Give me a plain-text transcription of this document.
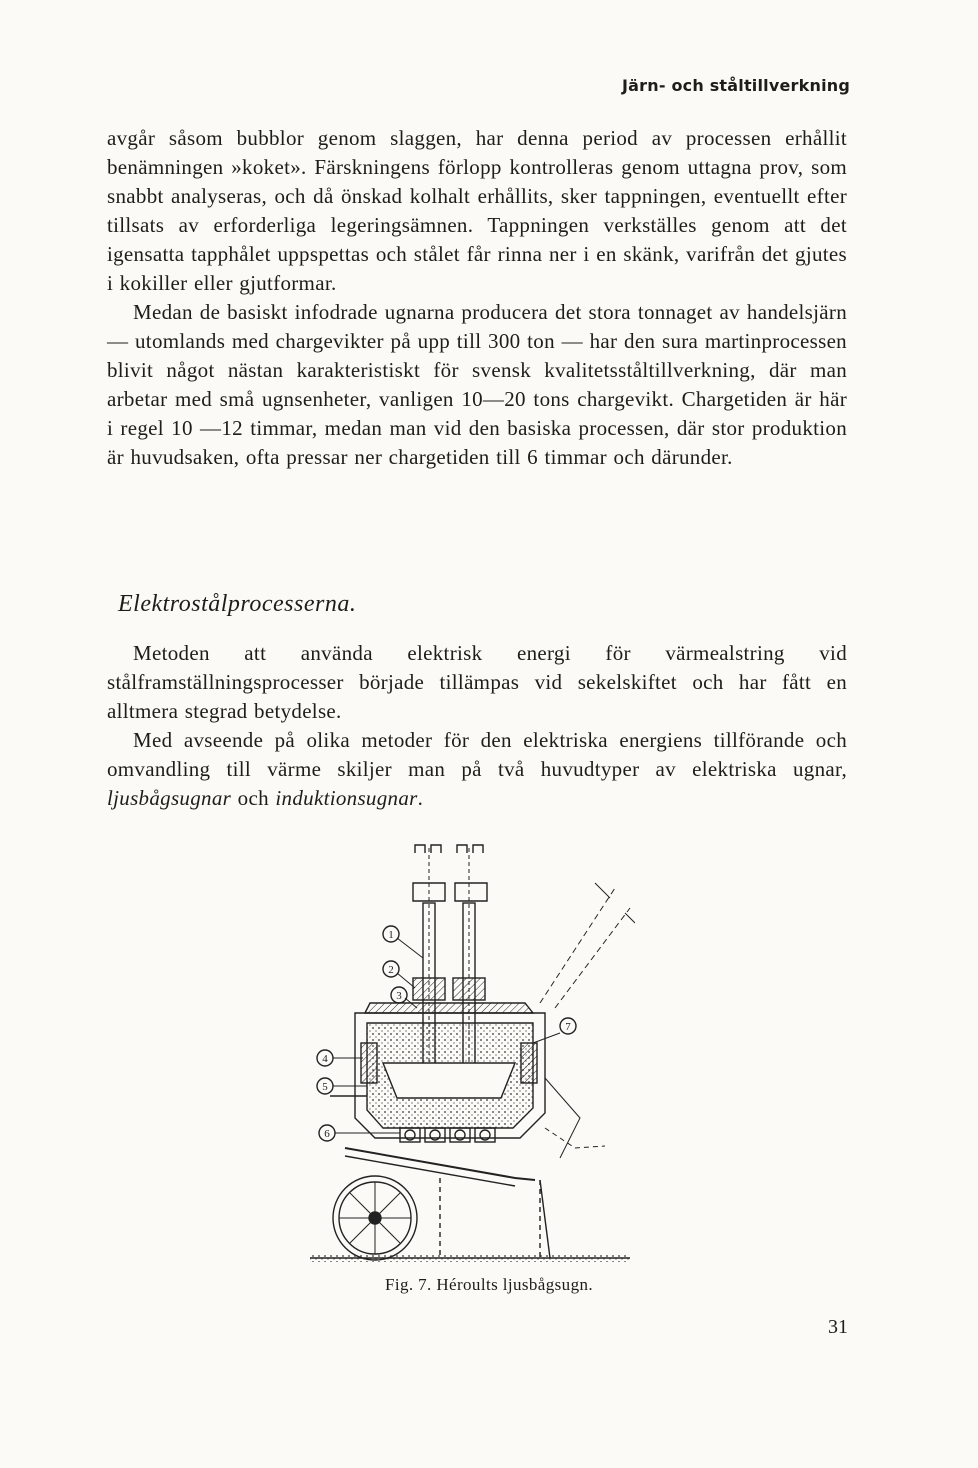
Järn- och ståltillverkning

avgår såsom bubblor genom slaggen, har denna period av processen erhållit benämningen »koket». Färskningens förlopp kontrolleras genom uttagna prov, som snabbt analyseras, och då önskad kolhalt erhållits, sker tappningen, eventuellt efter tillsats av erforderliga legeringsämnen. Tappningen verkställes genom att det igensatta tapphålet uppspettas och stålet får rinna ner i en skänk, varifrån det gjutes i kokiller eller gjutformar.

Medan de basiskt infodrade ugnarna producera det stora tonnaget av handelsjärn — utomlands med chargevikter på upp till 300 ton — har den sura martinprocessen blivit något nästan karakteristiskt för svensk kvalitetsståltillverkning, där man arbetar med små ugnsenheter, vanligen 10—20 tons chargevikt. Chargetiden är här i regel 10 —12 timmar, medan man vid den basiska processen, där stor produktion är huvudsaken, ofta pressar ner chargetiden till 6 timmar och därunder.

Elektrostålprocesserna.

Metoden att använda elektrisk energi för värmealstring vid stålframställningsprocesser började tillämpas vid sekelskiftet och har fått en alltmera stegrad betydelse.

Med avseende på olika metoder för den elektriska energiens tillförande och omvandling till värme skiljer man på två huvudtyper av elektriska ugnar, ljusbågsugnar och induktionsugnar.

1
2
3
4
5
6
7
Fig. 7. Héroults ljusbågsugn.
31
